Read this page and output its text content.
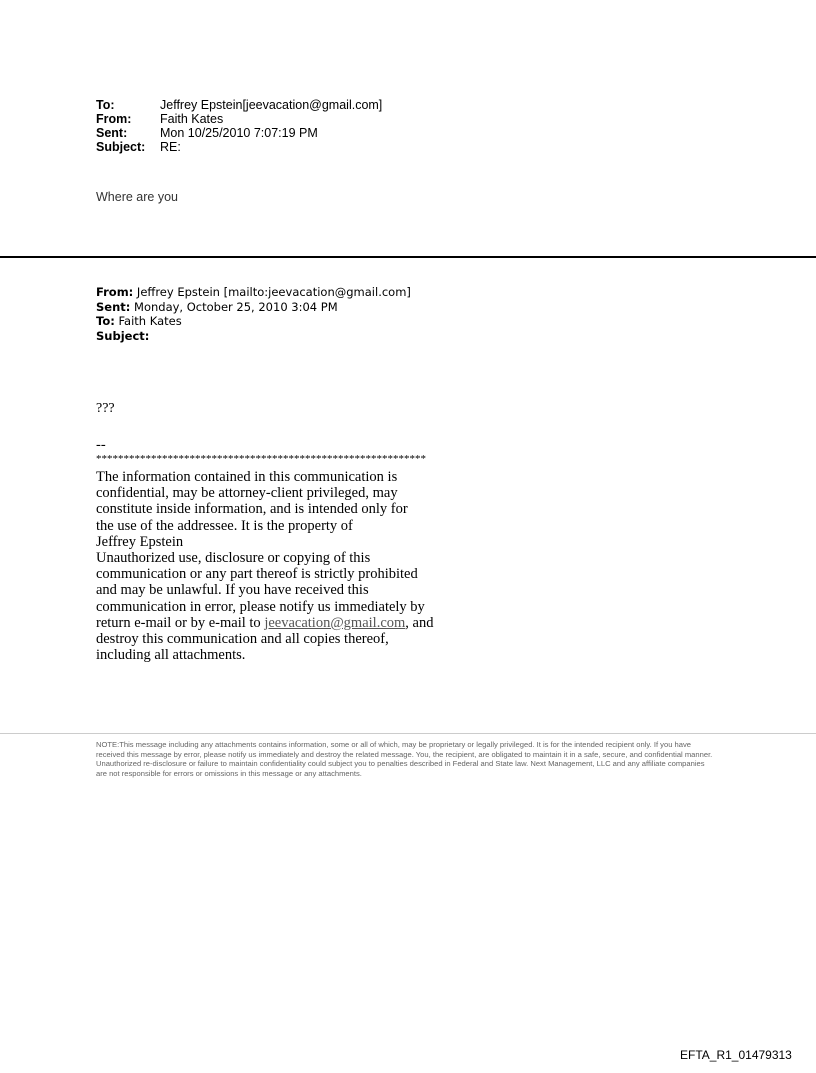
To:	Jeffrey Epstein[jeevacation@gmail.com]
From:	Faith Kates
Sent:	Mon 10/25/2010 7:07:19 PM
Subject:	RE:
Where are you
From: Jeffrey Epstein [mailto:jeevacation@gmail.com]
Sent: Monday, October 25, 2010 3:04 PM
To: Faith Kates
Subject:
???
--
************************************************************
The information contained in this communication is
confidential, may be attorney-client privileged, may
constitute inside information, and is intended only for
the use of the addressee. It is the property of
Jeffrey Epstein
Unauthorized use, disclosure or copying of this
communication or any part thereof is strictly prohibited
and may be unlawful. If you have received this
communication in error, please notify us immediately by
return e-mail or by e-mail to jeevacation@gmail.com, and
destroy this communication and all copies thereof,
including all attachments.
NOTE:This message including any attachments contains information, some or all of which, may be proprietary or legally privileged. It is for the intended recipient only. If you have received this message by error, please notify us immediately and destroy the related message. You, the recipient, are obligated to maintain it in a safe, secure, and confidential manner. Unauthorized re-disclosure or failure to maintain confidentiality could subject you to penalties described in Federal and State law. Next Management, LLC and any affiliate companies are not responsible for errors or omissions in this message or any attachments.
EFTA_R1_01479313
